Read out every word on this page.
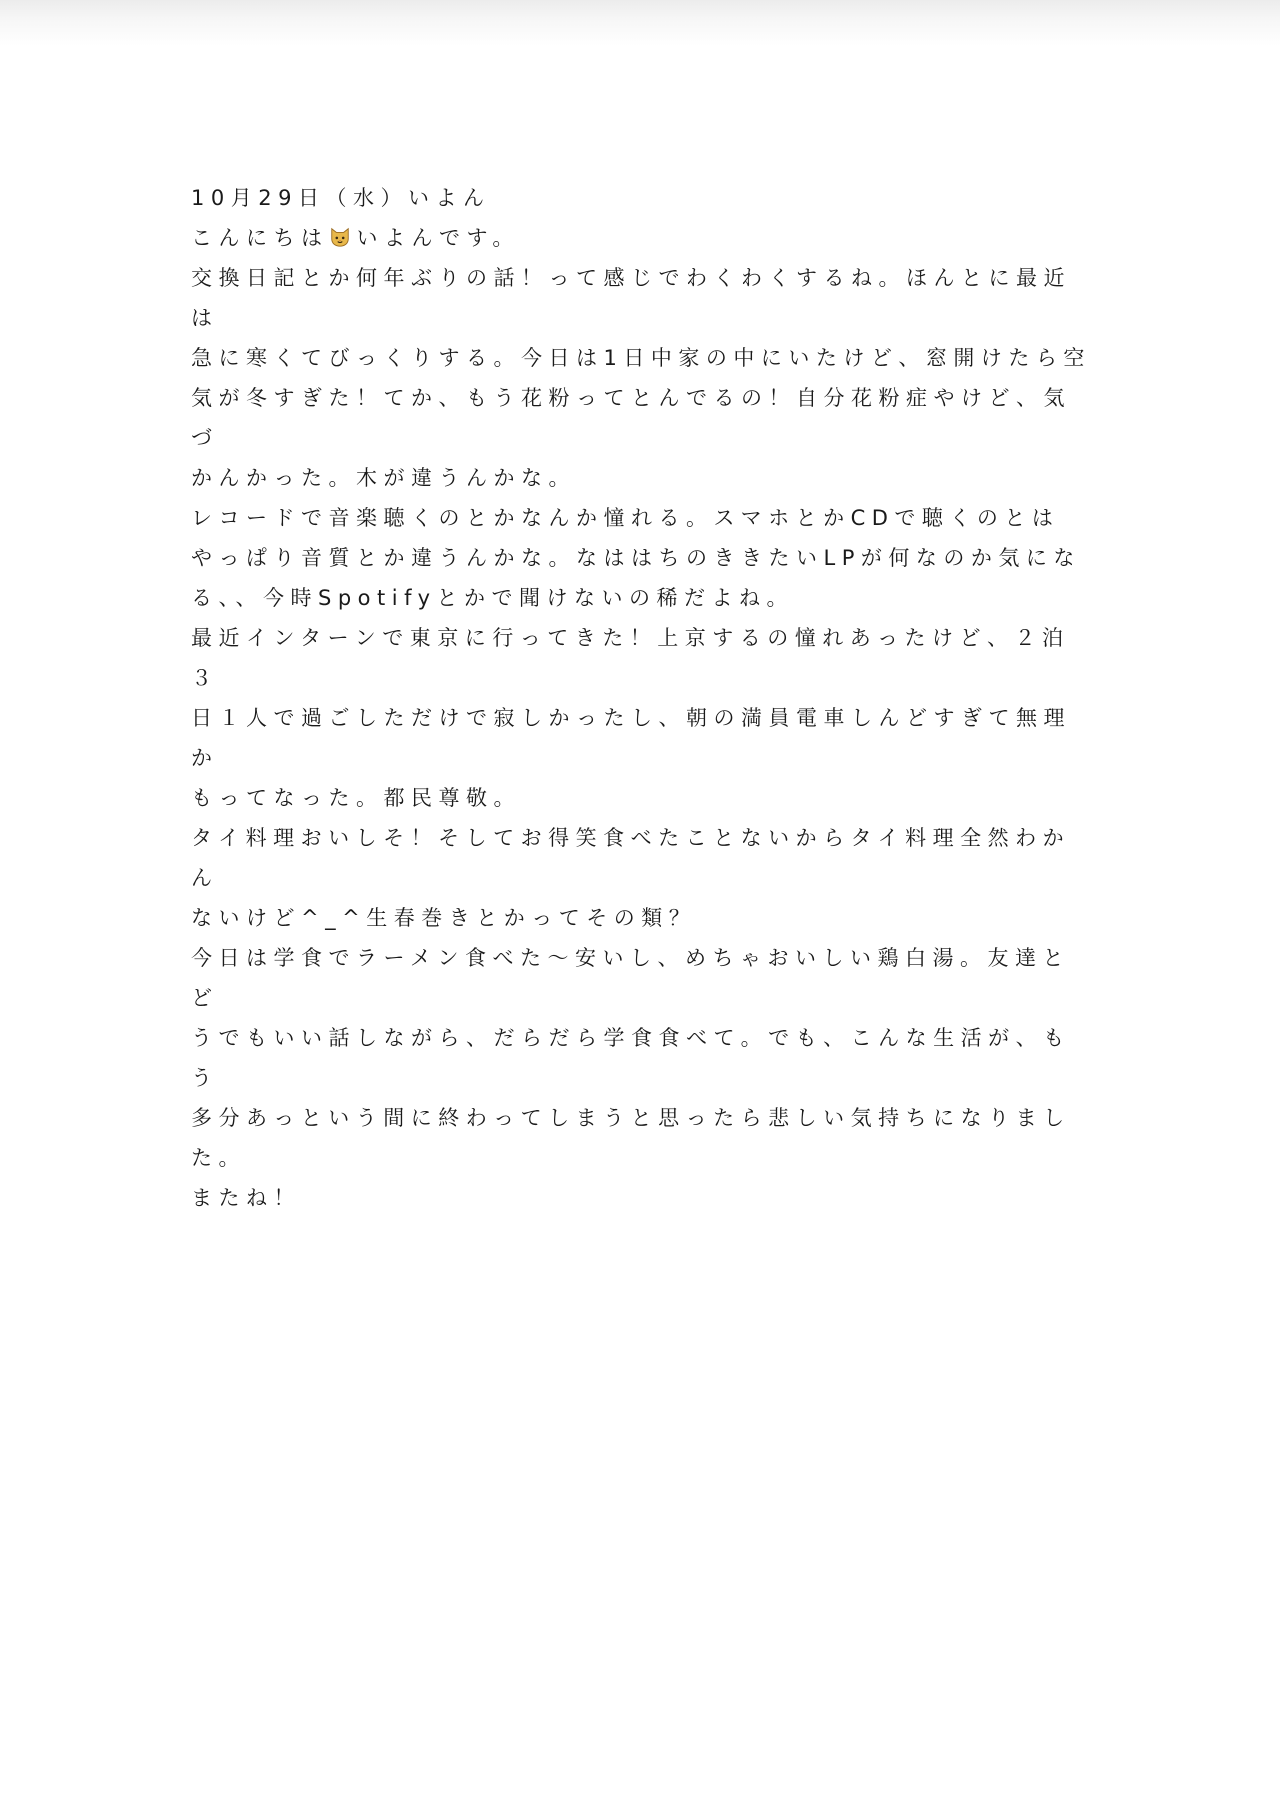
10月29日（水）いよん

こんにちは いよんです。

交換日記とか何年ぶりの話！って感じでわくわくするね。ほんとに最近は
急に寒くてびっくりする。今日は1日中家の中にいたけど、窓開けたら空
気が冬すぎた！てか、もう花粉ってとんでるの！自分花粉症やけど、気づ
かんかった。木が違うんかな。

レコードで音楽聴くのとかなんか憧れる。スマホとかCDで聴くのとは
やっぱり音質とか違うんかな。なははちのききたいLPが何なのか気にな
る、、今時Spotifyとかで聞けないの稀だよね。

最近インターンで東京に行ってきた！上京するの憧れあったけど、２泊３
日１人で過ごしただけで寂しかったし、朝の満員電車しんどすぎて無理か
もってなった。都民尊敬。

タイ料理おいしそ！そしてお得笑食べたことないからタイ料理全然わかん
ないけど^_^生春巻きとかってその類？

今日は学食でラーメン食べた〜安いし、めちゃおいしい鶏白湯。友達とど
うでもいい話しながら、だらだら学食食べて。でも、こんな生活が、もう
多分あっという間に終わってしまうと思ったら悲しい気持ちになりまし
た。

またね！
